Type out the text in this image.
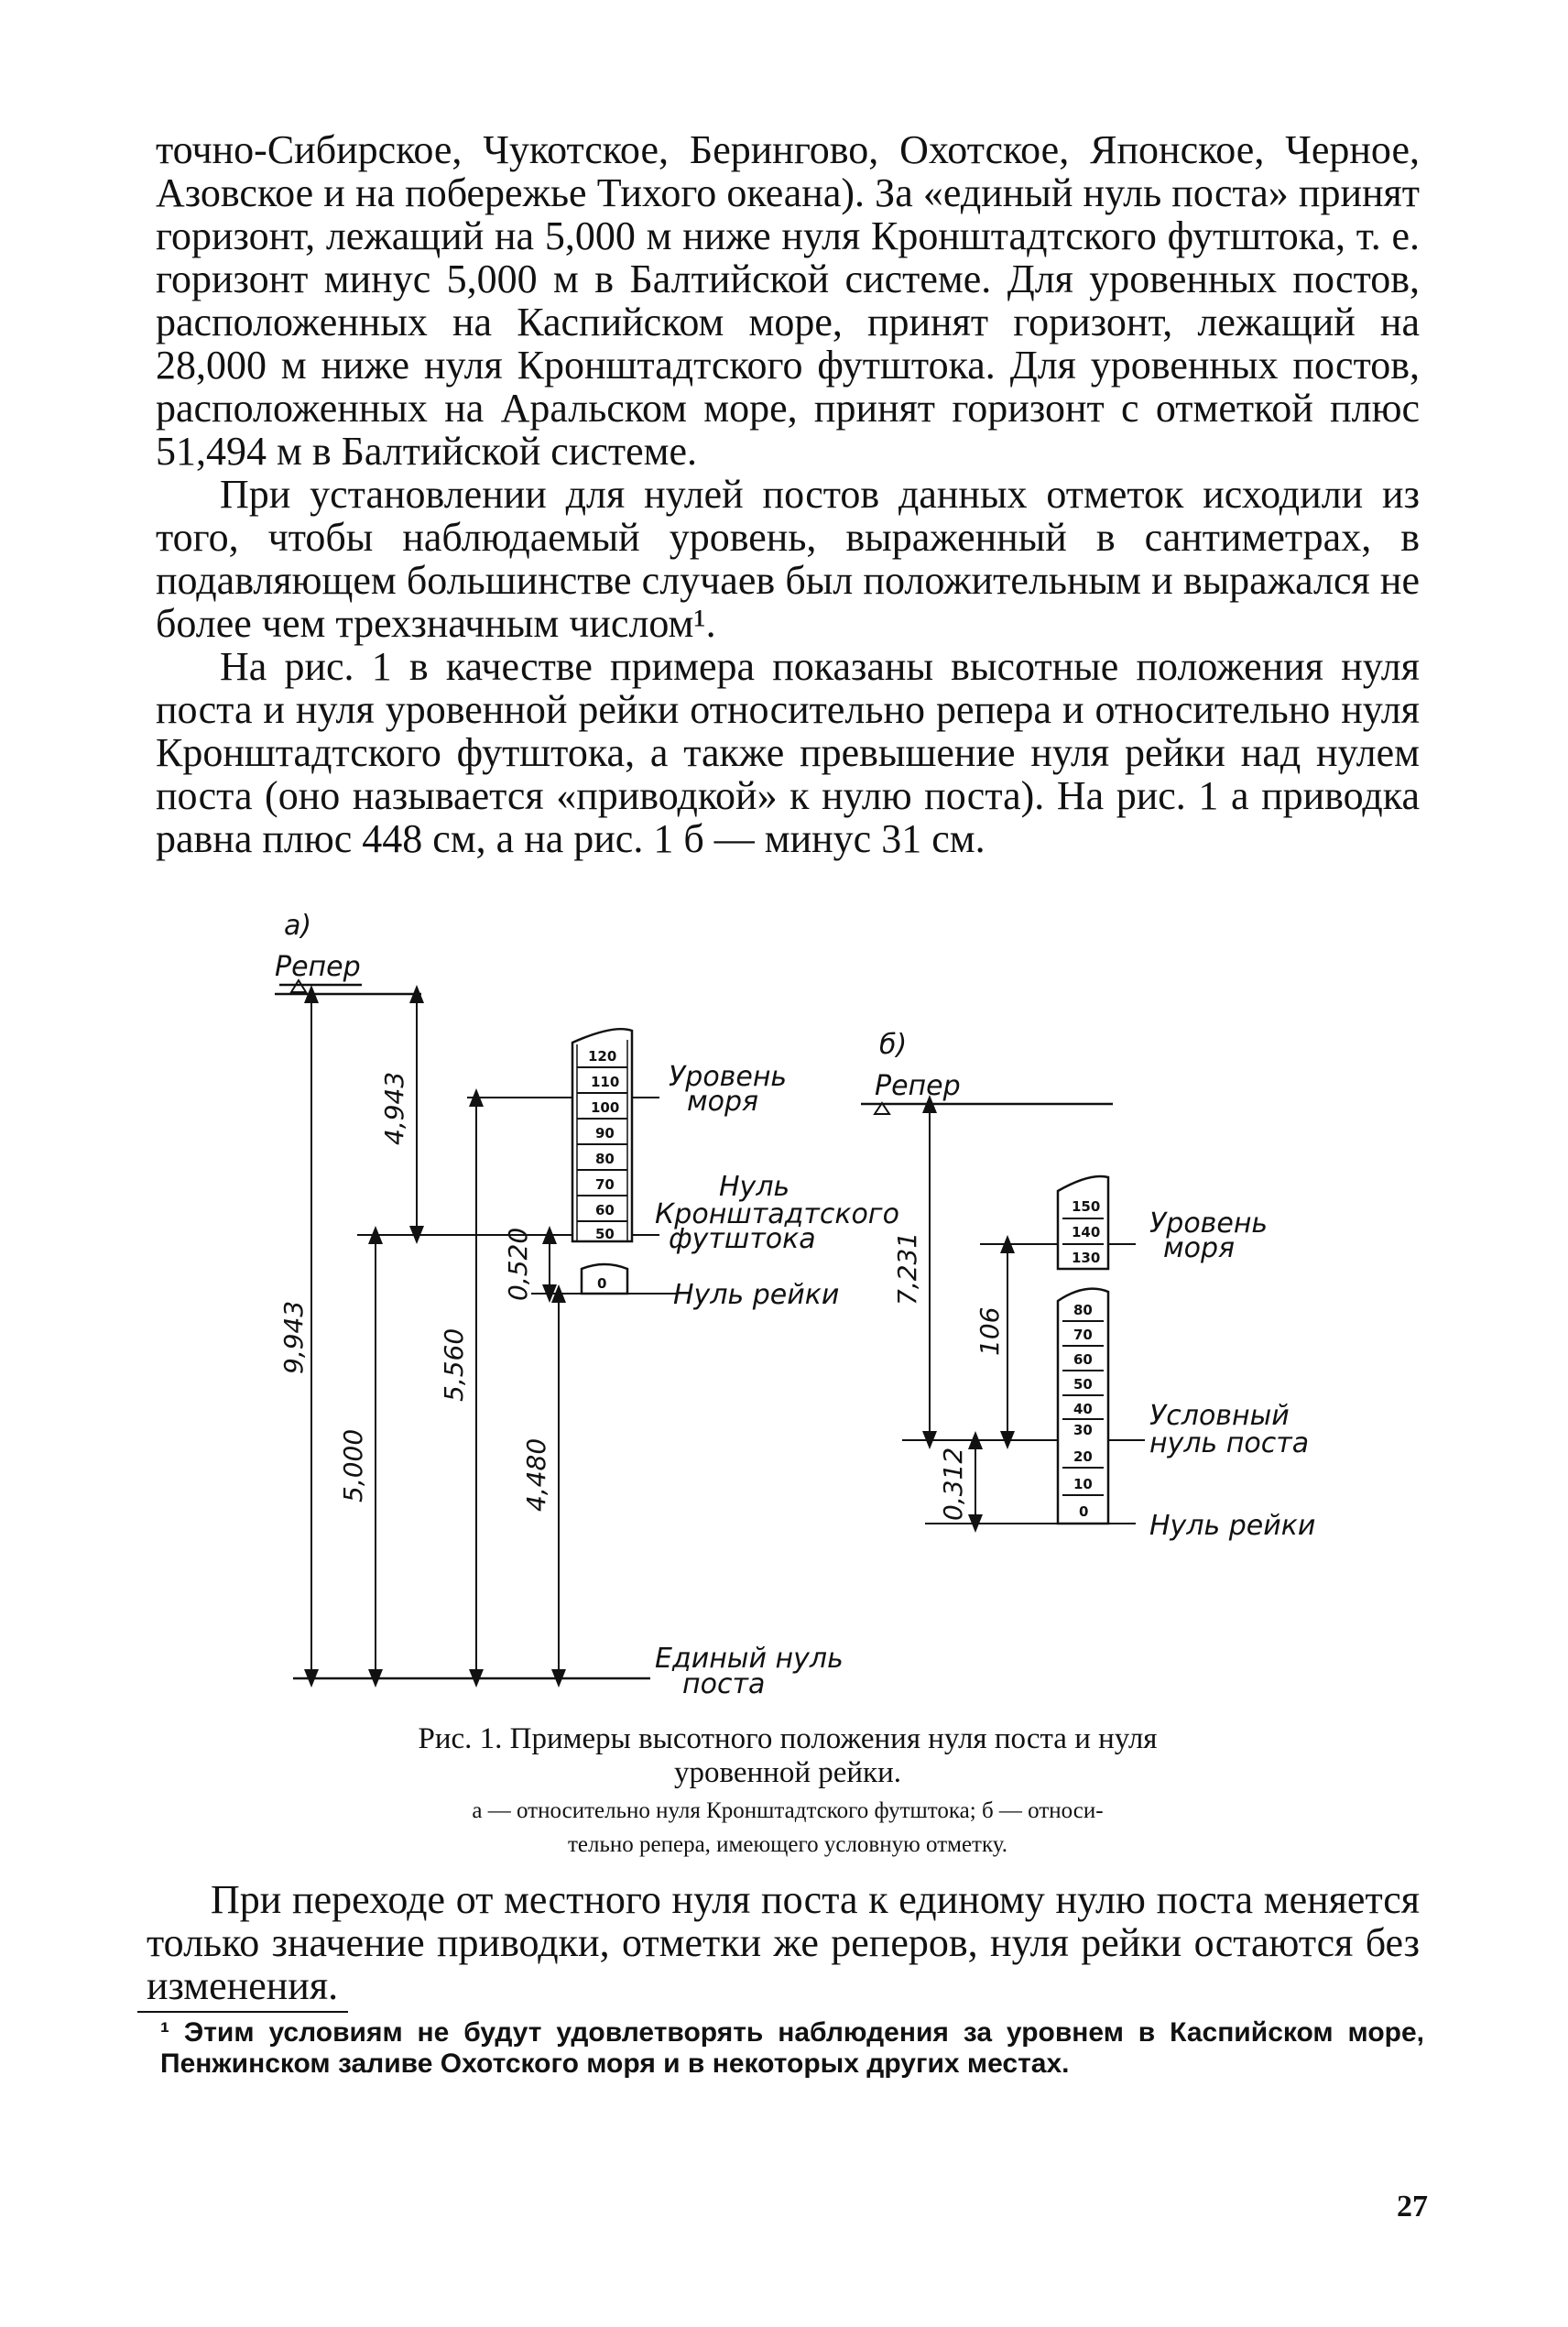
точно-Сибирское, Чукотское, Берингово, Охотское, Японское, Черное, Азовское и на побережье Тихого океана). За «единый нуль поста» принят горизонт, лежащий на 5,000 м ниже нуля Кронштадтского футштока, т. е. горизонт минус 5,000 м в Балтийской системе. Для уровенных постов, расположенных на Каспийском море, принят горизонт, лежащий на 28,000 м ниже нуля Кронштадтского футштока. Для уровенных постов, расположенных на Аральском море, принят горизонт с отметкой плюс 51,494 м в Балтийской системе.

При установлении для нулей постов данных отметок исходили из того, чтобы наблюдаемый уровень, выраженный в сантиметрах, в подавляющем большинстве случаев был положительным и выражался не более чем трехзначным числом¹.

На рис. 1 в качестве примера показаны высотные положения нуля поста и нуля уровенной рейки относительно репера и относительно нуля Кронштадтского футштока, а также превышение нуля рейки над нулем поста (оно называется «приводкой» к нулю поста). На рис. 1 а приводка равна плюс 448 см, а на рис. 1 б — минус 31 см.

а)
Репер
4,943
9,943
0,520
5,560
5,000	4,480
120
110
100
90
80
70
60
50
0
Уровень
моря
Нуль
Кронштадтского
футштока
Нуль рейки
Единый нуль
поста
б)
Репер
7,231
106
0,312
150
140
130
80
70
60
50
40
30
20
10
0
Уровень
моря
Условный
нуль поста
Нуль рейки
Рис. 1. Примеры высотного положения нуля поста и нуля
уровенной рейки.
а — относительно нуля Кронштадтского футштока; б — относи-
тельно репера, имеющего условную отметку.

При переходе от местного нуля поста к единому нулю поста меняется только значение приводки, отметки же реперов, нуля рейки остаются без изменения.

¹ Этим условиям не будут удовлетворять наблюдения за уровнем в Каспийском море, Пенжинском заливе Охотского моря и в некоторых других местах.
27
